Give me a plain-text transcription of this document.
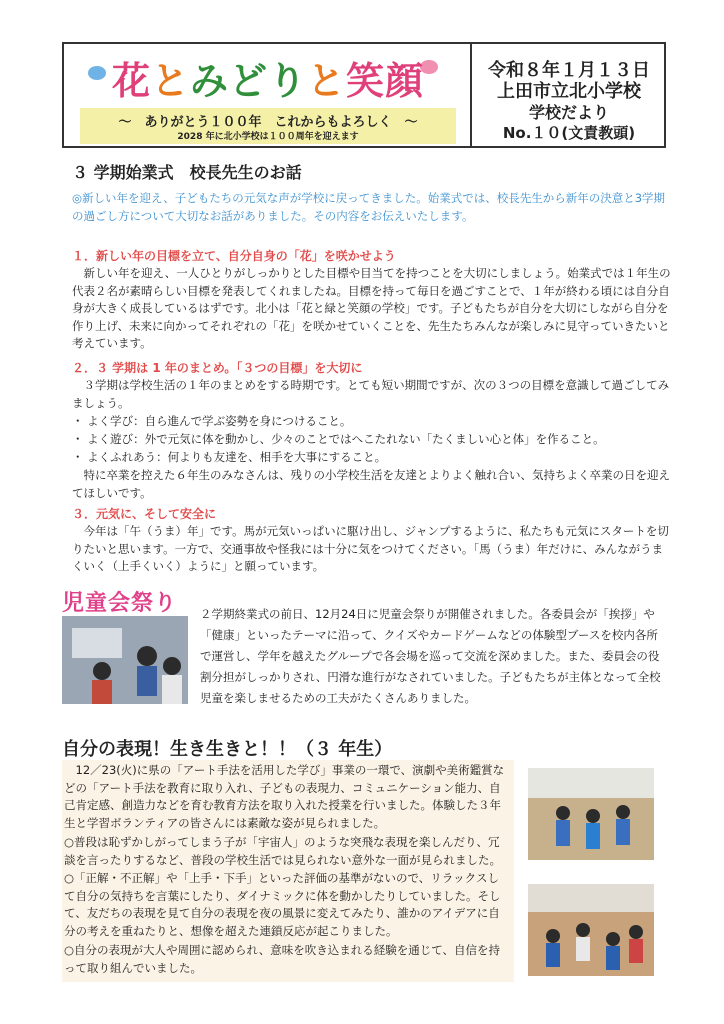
花とみどりと笑顔
～　ありがとう１００年　これからもよろしく　～
2028 年に北小学校は１００周年を迎えます
令和８年１月１３日
上田市立北小学校
学校だより
No.１０(文責教頭)
３ 学期始業式　校長先生のお話
◎新しい年を迎え、子どもたちの元気な声が学校に戻ってきました。始業式では、校長先生から新年の決意と3学期の過ごし方について大切なお話がありました。その内容をお伝えいたします。
１．新しい年の目標を立て、自分自身の「花」を咲かせよう
　新しい年を迎え、一人ひとりがしっかりとした目標や目当てを持つことを大切にしましょう。始業式では１年生の代表２名が素晴らしい目標を発表してくれましたね。目標を持って毎日を過ごすことで、１年が終わる頃には自分自身が大きく成長しているはずです。北小は「花と緑と笑顔の学校」です。子どもたちが自分を大切にしながら自分を作り上げ、未来に向かってそれぞれの「花」を咲かせていくことを、先生たちみんなが楽しみに見守っていきたいと考えています。
２．３ 学期は 1 年のまとめ。「３つの目標」を大切に
　３学期は学校生活の１年のまとめをする時期です。とても短い期間ですが、次の３つの目標を意識して過ごしてみましょう。
・ よく学び：自ら進んで学ぶ姿勢を身につけること。
・ よく遊び：外で元気に体を動かし、少々のことではへこたれない「たくましい心と体」を作ること。
・ よくふれあう：何よりも友達を、相手を大事にすること。
　特に卒業を控えた６年生のみなさんは、残りの小学校生活を友達とよりよく触れ合い、気持ちよく卒業の日を迎えてほしいです。
３．元気に、そして安全に
　今年は「午（うま）年」です。馬が元気いっぱいに駆け出し、ジャンプするように、私たちも元気にスタートを切りたいと思います。一方で、交通事故や怪我には十分に気をつけてください。「馬（うま）年だけに、みんながうまくいく（上手くいく）ように」と願っています。
児童会祭り ２学期終業式の前日、12月24日に児童会祭りが開催されました。各委員会が「挨拶」や「健康」といったテーマに沿って、クイズやカードゲームなどの体験型ブースを校内各所で運営し、学年を越えたグループで各会場を巡って交流を深めました。また、委員会の役割分担がしっかりされ、円滑な進行がなされていました。子どもたちが主体となって全校児童を楽しませるための工夫がたくさんありました。
自分の表現！生き生きと！！（３ 年生）
　12／23(火)に県の「アート手法を活用した学び」事業の一環で、演劇や美術鑑賞などの「アート手法を教育に取り入れ、子どもの表現力、コミュニケーション能力、自己肯定感、創造力などを育む教育方法を取り入れた授業を行いました。体験した３年生と学習ボランティアの皆さんには素敵な姿が見られました。
○普段は恥ずかしがってしまう子が「宇宙人」のような突飛な表現を楽しんだり、冗談を言ったりするなど、普段の学校生活では見られない意外な一面が見られました。
○「正解・不正解」や「上手・下手」といった評価の基準がないので、リラックスして自分の気持ちを言葉にしたり、ダイナミックに体を動かしたりしていました。そして、友だちの表現を見て自分の表現を夜の風景に変えてみたり、誰かのアイデアに自分の考えを重ねたりと、想像を超えた連鎖反応が起こりました。
○自分の表現が大人や周囲に認められ、意味を吹き込まれる経験を通じて、自信を持って取り組んでいました。
